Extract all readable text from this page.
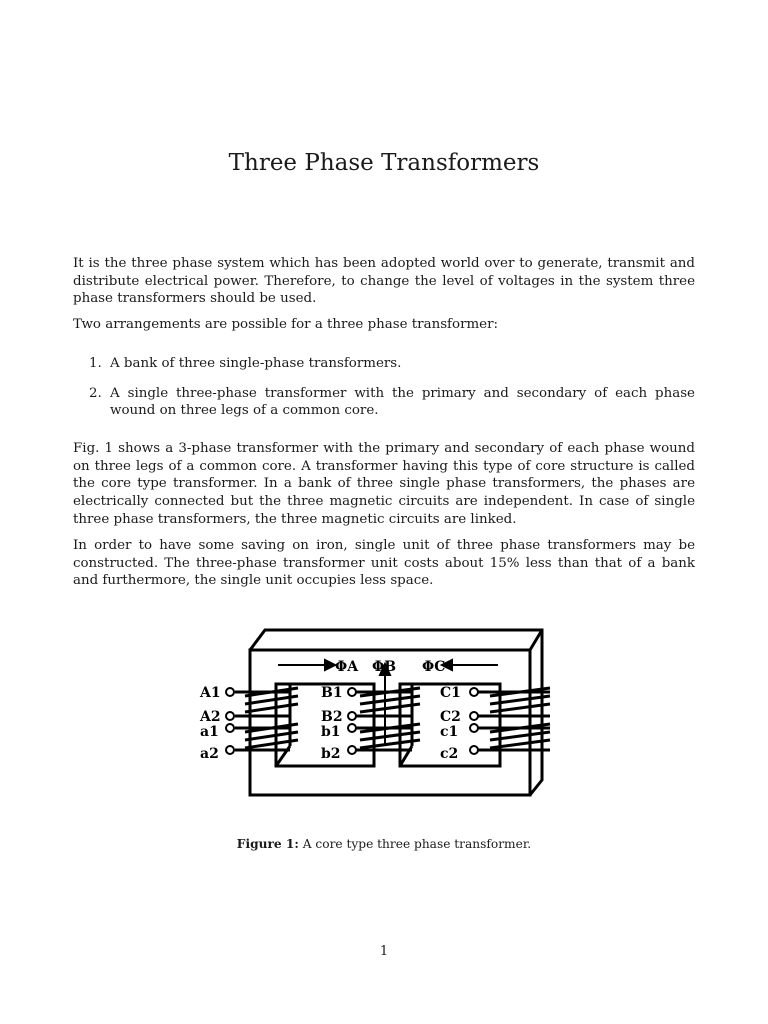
Three Phase Transformers

It is the three phase system which has been adopted world over to generate, transmit and distribute electrical power. Therefore, to change the level of voltages in the system three phase transformers should be used.

Two arrangements are possible for a three phase transformer:

1. A bank of three single-phase transformers.
2. A single three-phase transformer with the primary and secondary of each phase wound on three legs of a common core.

Fig. 1 shows a 3-phase transformer with the primary and secondary of each phase wound on three legs of a common core. A transformer having this type of core structure is called the core type transformer. In a bank of three single phase transformers, the phases are electrically connected but the three magnetic circuits are independent. In case of single three phase transformers, the three magnetic circuits are linked.

In order to have some saving on iron, single unit of three phase transformers may be constructed. The three-phase transformer unit costs about 15% less than that of a bank and furthermore, the single unit occupies less space.

ΦA ΦB ΦC
A1
A2
a1
a2
B1
B2
b1
b2
C1
C2
c1
c2

Figure 1: A core type three phase transformer.

1
